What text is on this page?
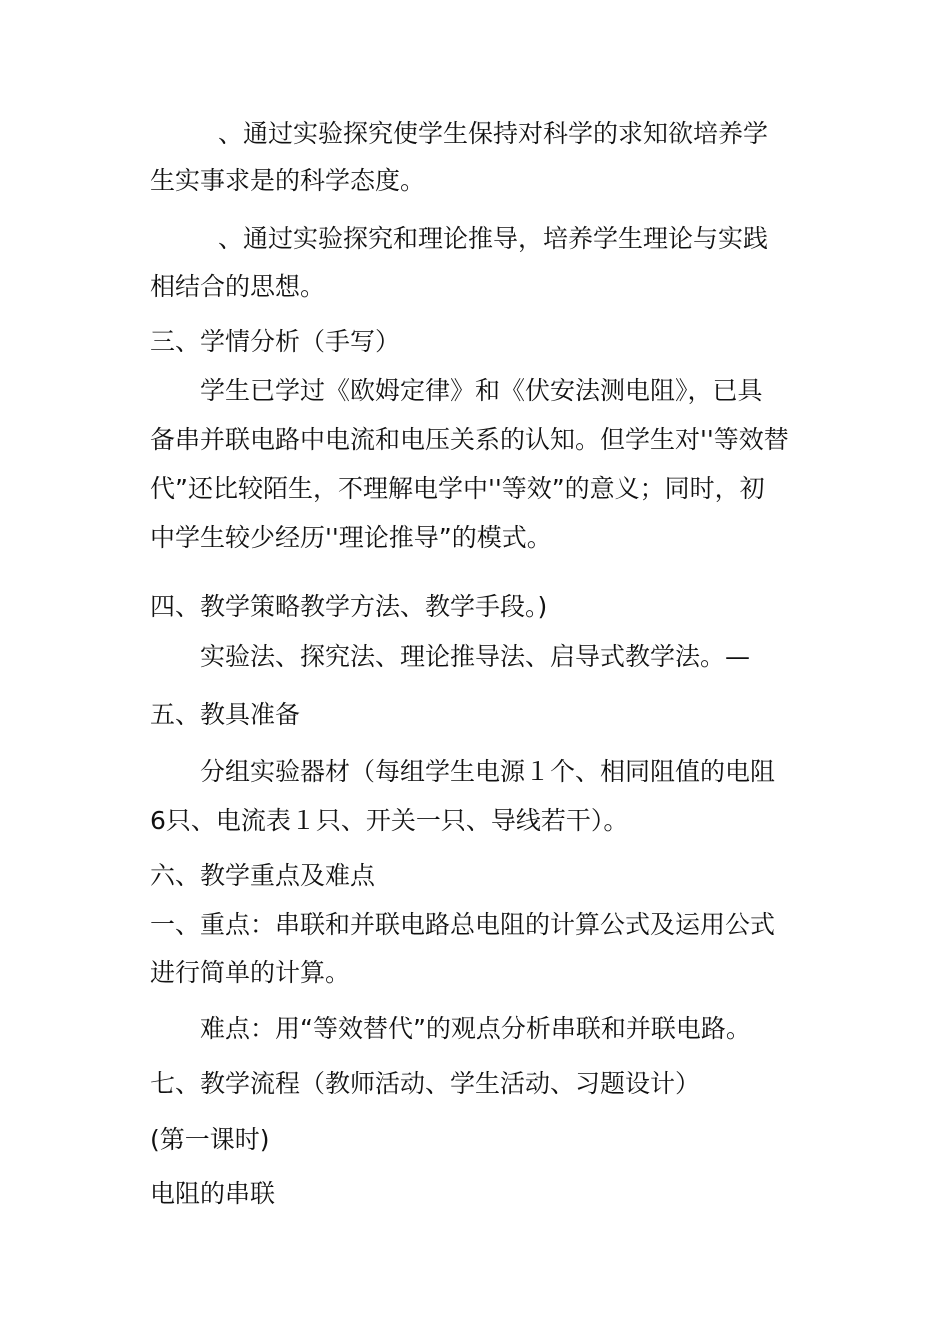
、通过实验探究使学生保持对科学的求知欲培养学
生实事求是的科学态度。
、通过实验探究和理论推导，培养学生理论与实践
相结合的思想。
三、学情分析（手写）
学生已学过《欧姆定律》和《伏安法测电阻》，已具
备串并联电路中电流和电压关系的认知。但学生对''等效替
代”还比较陌生，不理解电学中''等效”的意义；同时，初
中学生较少经历''理论推导”的模式。
四、教学策略教学方法、教学手段。)
实验法、探究法、理论推导法、启导式教学法。—
五、教具准备
分组实验器材（每组学生电源１个、相同阻值的电阻
6只、电流表１只、开关一只、导线若干）。
六、教学重点及难点
一、重点：串联和并联电路总电阻的计算公式及运用公式
进行简单的计算。
难点：用“等效替代”的观点分析串联和并联电路。
七、教学流程（教师活动、学生活动、习题设计）
(第一课时)
电阻的串联
